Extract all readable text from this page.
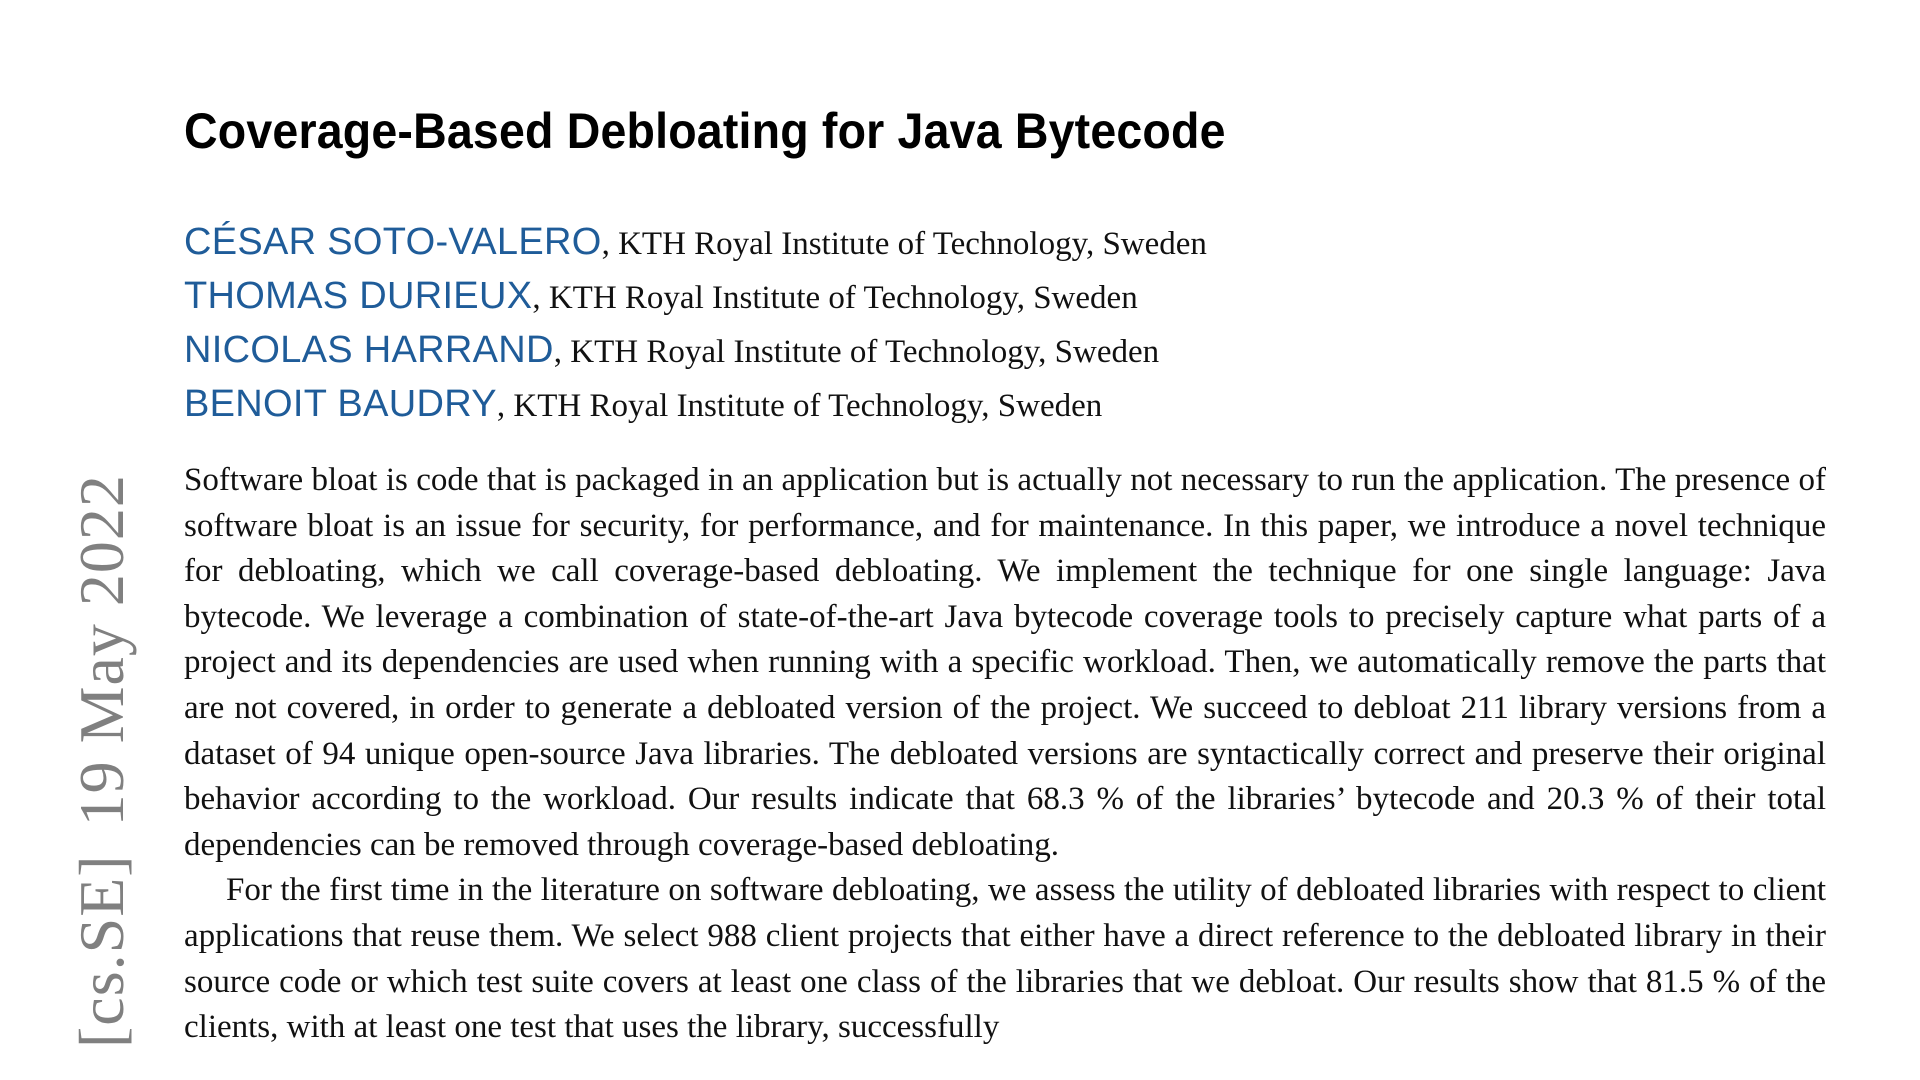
[cs.SE]19 May 2022
Coverage-Based Debloating for Java Bytecode
CÉSAR SOTO-VALERO, KTH Royal Institute of Technology, Sweden
THOMAS DURIEUX, KTH Royal Institute of Technology, Sweden
NICOLAS HARRAND, KTH Royal Institute of Technology, Sweden
BENOIT BAUDRY, KTH Royal Institute of Technology, Sweden

Software bloat is code that is packaged in an application but is actually not necessary to run the application. The presence of software bloat is an issue for security, for performance, and for maintenance. In this paper, we introduce a novel technique for debloating, which we call coverage-based debloating. We implement the technique for one single language: Java bytecode. We leverage a combination of state-of-the-art Java bytecode coverage tools to precisely capture what parts of a project and its dependencies are used when running with a specific workload. Then, we automatically remove the parts that are not covered, in order to generate a debloated version of the project. We succeed to debloat 211 library versions from a dataset of 94 unique open-source Java libraries. The debloated versions are syntactically correct and preserve their original behavior according to the workload. Our results indicate that 68.3 % of the libraries’ bytecode and 20.3 % of their total dependencies can be removed through coverage-based debloating.

For the first time in the literature on software debloating, we assess the utility of debloated libraries with respect to client applications that reuse them. We select 988 client projects that either have a direct reference to the debloated library in their source code or which test suite covers at least one class of the libraries that we debloat. Our results show that 81.5 % of the clients, with at least one test that uses the library, successfully
